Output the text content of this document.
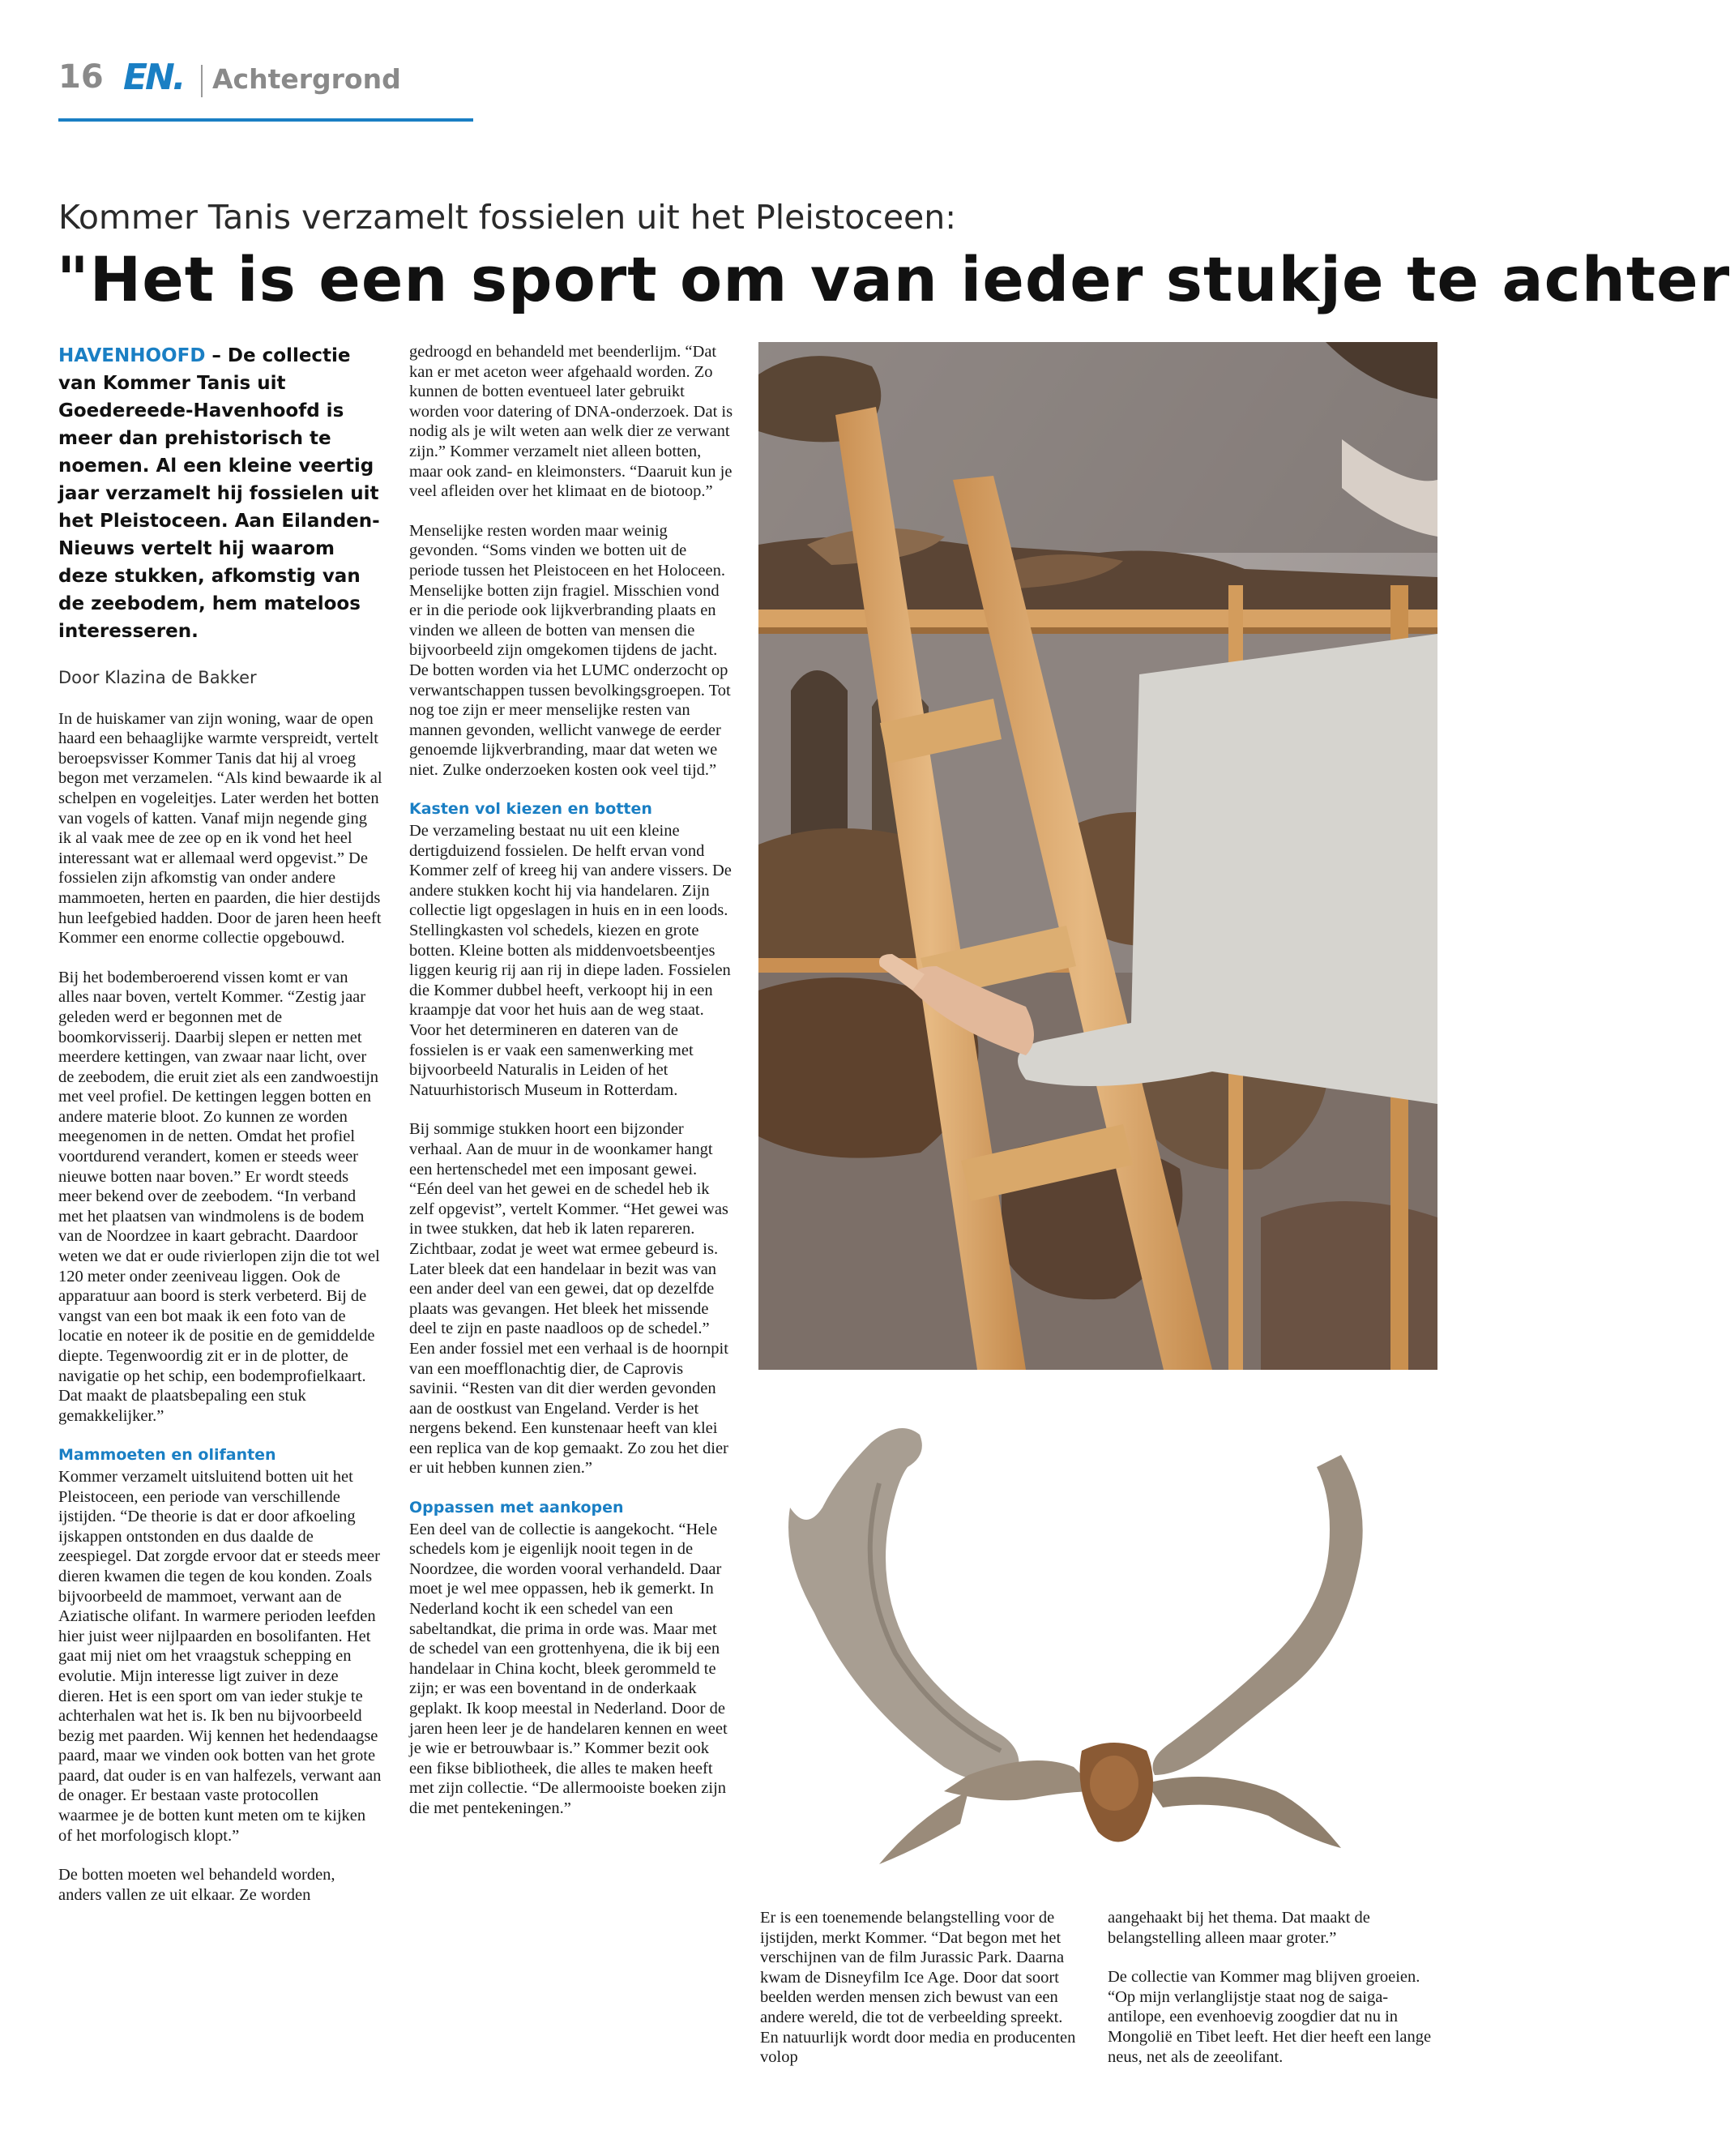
16 EN. Achtergrond
Kommer Tanis verzamelt fossielen uit het Pleistoceen:
"Het is een sport om van ieder stukje te achter
HAVENHOOFD – De collectie van Kommer Tanis uit Goedereede-Havenhoofd is meer dan prehistorisch te noemen. Al een kleine veertig jaar verzamelt hij fossielen uit het Pleistoceen. Aan Eilanden-Nieuws vertelt hij waarom deze stukken, afkomstig van de zeebodem, hem mateloos interesseren.
Door Klazina de Bakker

In de huiskamer van zijn woning, waar de open haard een behaaglijke warmte verspreidt, vertelt beroepsvisser Kommer Tanis dat hij al vroeg begon met verzamelen. “Als kind bewaarde ik al schelpen en vogeleitjes. Later werden het botten van vogels of katten. Vanaf mijn negende ging ik al vaak mee de zee op en ik vond het heel interessant wat er allemaal werd opgevist.” De fossielen zijn afkomstig van onder andere mammoeten, herten en paarden, die hier destijds hun leefgebied hadden. Door de jaren heen heeft Kommer een enorme collectie opgebouwd.

Bij het bodemberoerend vissen komt er van alles naar boven, vertelt Kommer. “Zestig jaar geleden werd er begonnen met de boomkorvisserij. Daarbij slepen er netten met meerdere kettingen, van zwaar naar licht, over de zeebodem, die eruit ziet als een zandwoestijn met veel profiel. De kettingen leggen botten en andere materie bloot. Zo kunnen ze worden meegenomen in de netten. Omdat het profiel voortdurend verandert, komen er steeds weer nieuwe botten naar boven.” Er wordt steeds meer bekend over de zeebodem. “In verband met het plaatsen van windmolens is de bodem van de Noordzee in kaart gebracht. Daardoor weten we dat er oude rivierlopen zijn die tot wel 120 meter onder zeeniveau liggen. Ook de apparatuur aan boord is sterk verbeterd. Bij de vangst van een bot maak ik een foto van de locatie en noteer ik de positie en de gemiddelde diepte. Tegenwoordig zit er in de plotter, de navigatie op het schip, een bodemprofielkaart. Dat maakt de plaatsbepaling een stuk gemakkelijker.”

Mammoeten en olifanten

Kommer verzamelt uitsluitend botten uit het Pleistoceen, een periode van verschillende ijstijden. “De theorie is dat er door afkoeling ijskappen ontstonden en dus daalde de zeespiegel. Dat zorgde ervoor dat er steeds meer dieren kwamen die tegen de kou konden. Zoals bijvoorbeeld de mammoet, verwant aan de Aziatische olifant. In warmere perioden leefden hier juist weer nijlpaarden en bosolifanten. Het gaat mij niet om het vraagstuk schepping en evolutie. Mijn interesse ligt zuiver in deze dieren. Het is een sport om van ieder stukje te achterhalen wat het is. Ik ben nu bijvoorbeeld bezig met paarden. Wij kennen het hedendaagse paard, maar we vinden ook botten van het grote paard, dat ouder is en van halfezels, verwant aan de onager. Er bestaan vaste protocollen waarmee je de botten kunt meten om te kijken of het morfologisch klopt.”

De botten moeten wel behandeld worden, anders vallen ze uit elkaar. Ze worden

gedroogd en behandeld met beenderlijm. “Dat kan er met aceton weer afgehaald worden. Zo kunnen de botten eventueel later gebruikt worden voor datering of DNA-onderzoek. Dat is nodig als je wilt weten aan welk dier ze verwant zijn.” Kommer verzamelt niet alleen botten, maar ook zand- en kleimonsters. “Daaruit kun je veel afleiden over het klimaat en de biotoop.”

Menselijke resten worden maar weinig gevonden. “Soms vinden we botten uit de periode tussen het Pleistoceen en het Holoceen. Menselijke botten zijn fragiel. Misschien vond er in die periode ook lijkverbranding plaats en vinden we alleen de botten van mensen die bijvoorbeeld zijn omgekomen tijdens de jacht. De botten worden via het LUMC onderzocht op verwantschappen tussen bevolkingsgroepen. Tot nog toe zijn er meer menselijke resten van mannen gevonden, wellicht vanwege de eerder genoemde lijkverbranding, maar dat weten we niet. Zulke onderzoeken kosten ook veel tijd.”

Kasten vol kiezen en botten

De verzameling bestaat nu uit een kleine dertigduizend fossielen. De helft ervan vond Kommer zelf of kreeg hij van andere vissers. De andere stukken kocht hij via handelaren. Zijn collectie ligt opgeslagen in huis en in een loods. Stellingkasten vol schedels, kiezen en grote botten. Kleine botten als middenvoetsbeentjes liggen keurig rij aan rij in diepe laden. Fossielen die Kommer dubbel heeft, verkoopt hij in een kraampje dat voor het huis aan de weg staat. Voor het determineren en dateren van de fossielen is er vaak een samenwerking met bijvoorbeeld Naturalis in Leiden of het Natuurhistorisch Museum in Rotterdam.

Bij sommige stukken hoort een bijzonder verhaal. Aan de muur in de woonkamer hangt een hertenschedel met een imposant gewei. “Eén deel van het gewei en de schedel heb ik zelf opgevist”, vertelt Kommer. “Het gewei was in twee stukken, dat heb ik laten repareren. Zichtbaar, zodat je weet wat ermee gebeurd is. Later bleek dat een handelaar in bezit was van een ander deel van een gewei, dat op dezelfde plaats was gevangen. Het bleek het missende deel te zijn en paste naadloos op de schedel.” Een ander fossiel met een verhaal is de hoornpit van een moefflonachtig dier, de Caprovis savinii. “Resten van dit dier werden gevonden aan de oostkust van Engeland. Verder is het nergens bekend. Een kunstenaar heeft van klei een replica van de kop gemaakt. Zo zou het dier er uit hebben kunnen zien.”

Oppassen met aankopen

Een deel van de collectie is aangekocht. “Hele schedels kom je eigenlijk nooit tegen in de Noordzee, die worden vooral verhandeld. Daar moet je wel mee oppassen, heb ik gemerkt. In Nederland kocht ik een schedel van een sabeltandkat, die prima in orde was. Maar met de schedel van een grottenhyena, die ik bij een handelaar in China kocht, bleek gerommeld te zijn; er was een boventand in de onderkaak geplakt. Ik koop meestal in Nederland. Door de jaren heen leer je de handelaren kennen en weet je wie er betrouwbaar is.” Kommer bezit ook een fikse bibliotheek, die alles te maken heeft met zijn collectie. “De allermooiste boeken zijn die met pentekeningen.”

Er is een toenemende belangstelling voor de ijstijden, merkt Kommer. “Dat begon met het verschijnen van de film Jurassic Park. Daarna kwam de Disneyfilm Ice Age. Door dat soort beelden werden mensen zich bewust van een andere wereld, die tot de verbeelding spreekt. En natuurlijk wordt door media en producenten volop

aangehaakt bij het thema. Dat maakt de belangstelling alleen maar groter.”

De collectie van Kommer mag blijven groeien. “Op mijn verlanglijstje staat nog de saiga-antilope, een evenhoevig zoogdier dat nu in Mongolië en Tibet leeft. Het dier heeft een lange neus, net als de zeeolifant.
